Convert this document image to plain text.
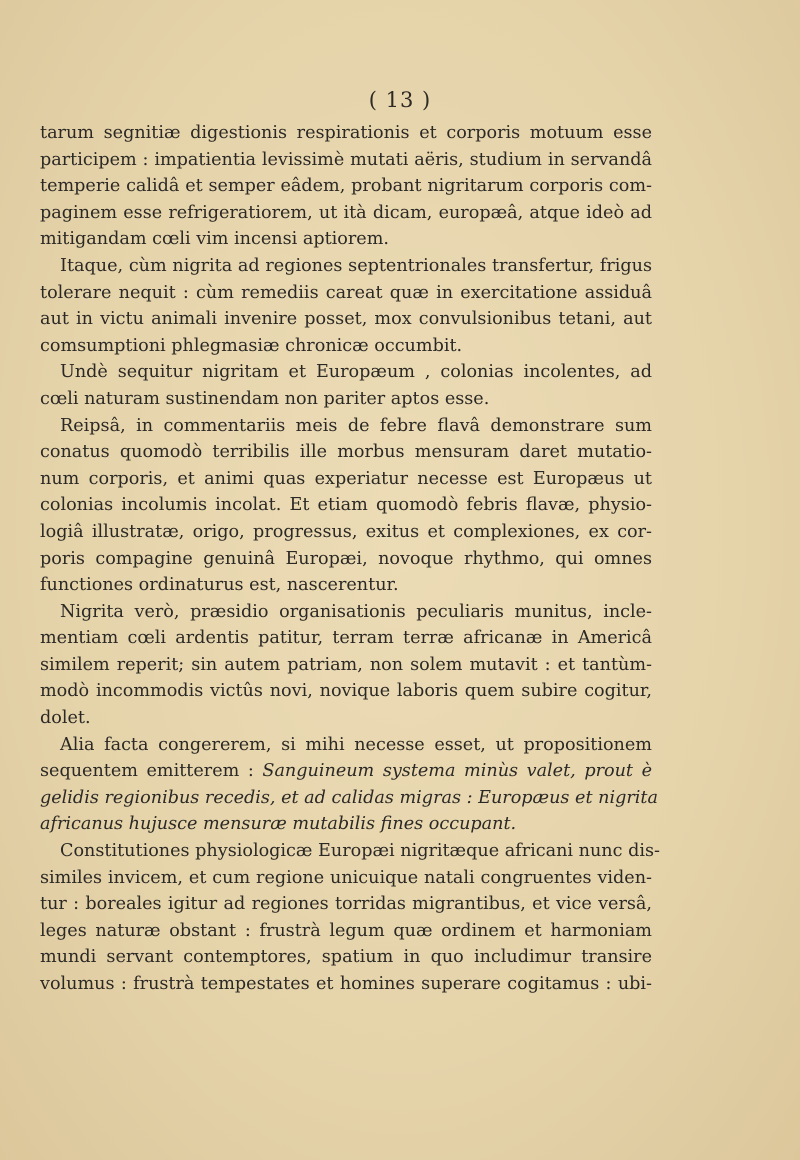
( 13 )
tarum segnitiæ digestionis respirationis et corporis motuum esse
participem : impatientia levissimè mutati aëris, studium in servandâ
temperie calidâ et semper eâdem, probant nigritarum corporis com-
paginem esse refrigeratiorem, ut ità dicam, europæâ, atque ideò ad
mitigandam cœli vim incensi aptiorem.
Itaque, cùm nigrita ad regiones septentrionales transfertur, frigus
tolerare nequit : cùm remediis careat quæ in exercitatione assiduâ
aut in victu animali invenire posset, mox convulsionibus tetani, aut
comsumptioni phlegmasiæ chronicæ occumbit.
Undè sequitur nigritam et Europæum , colonias incolentes, ad
cœli naturam sustinendam non pariter aptos esse.
Reipsâ, in commentariis meis de febre flavâ demonstrare sum
conatus quomodò terribilis ille morbus mensuram daret mutatio-
num corporis, et animi quas experiatur necesse est Europæus ut
colonias incolumis incolat. Et etiam quomodò febris flavæ, physio-
logiâ illustratæ, origo, progressus, exitus et complexiones, ex cor-
poris compagine genuinâ Europæi, novoque rhythmo, qui omnes
functiones ordinaturus est, nascerentur.
Nigrita verò, præsidio organisationis peculiaris munitus, incle-
mentiam cœli ardentis patitur, terram terræ africanæ in Americâ
similem reperit; sin autem patriam, non solem mutavit : et tantùm-
modò incommodis victûs novi, novique laboris quem subire cogitur,
dolet.
Alia facta congererem, si mihi necesse esset, ut propositionem
sequentem emitterem : Sanguineum systema minùs valet, prout è
gelidis regionibus recedis, et ad calidas migras : Europæus et nigrita
africanus hujusce mensuræ mutabilis fines occupant.
Constitutiones physiologicæ Europæi nigritæque africani nunc dis-
similes invicem, et cum regione unicuique natali congruentes viden-
tur : boreales igitur ad regiones torridas migrantibus, et vice versâ,
leges naturæ obstant : frustrà legum quæ ordinem et harmoniam
mundi servant contemptores, spatium in quo includimur transire
volumus : frustrà tempestates et homines superare cogitamus : ubi-
